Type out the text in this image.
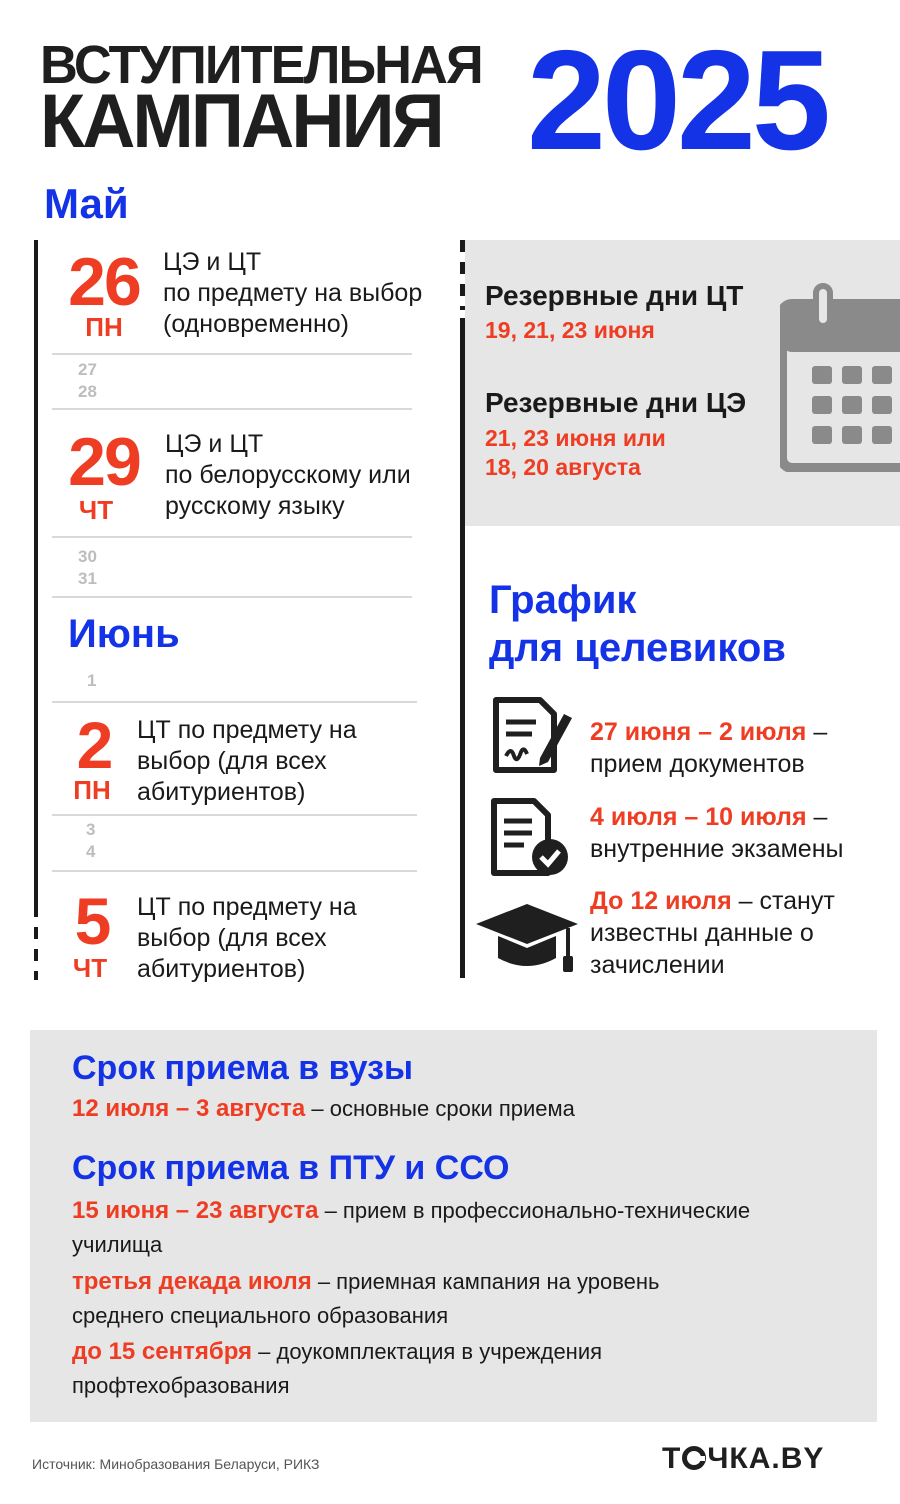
ВСТУПИТЕЛЬНАЯ
КАМПАНИЯ 2025
Май
26
ПН
ЦЭ и ЦТ
по предмету на выбор
(одновременно)
27
28
29
ЧТ
ЦЭ и ЦТ
по белорусскому или
русскому языку
30
31
Июнь
1
2
ПН
ЦТ по предмету на
выбор (для всех
абитуриентов)
3
4
5
ЧТ
ЦТ по предмету на
выбор (для всех
абитуриентов)
Резервные дни ЦТ
19, 21, 23 июня
Резервные дни ЦЭ
21, 23 июня или
18, 20 августа
График
для целевиков
27 июня – 2 июля –
прием документов
4 июля – 10 июля –
внутренние экзамены
До 12 июля – станут
известны данные о
зачислении
Срок приема в вузы
12 июля – 3 августа – основные сроки приема
Срок приема в ПТУ и ССО
15 июня – 23 августа – прием в профессионально-технические
училища
третья декада июля – приемная кампания на уровень
среднего специального образования
до 15 сентября – доукомплектация в учреждения
профтехобразования
Источник: Минобразования Беларуси, РИКЗ	Т ЧКА.BY
